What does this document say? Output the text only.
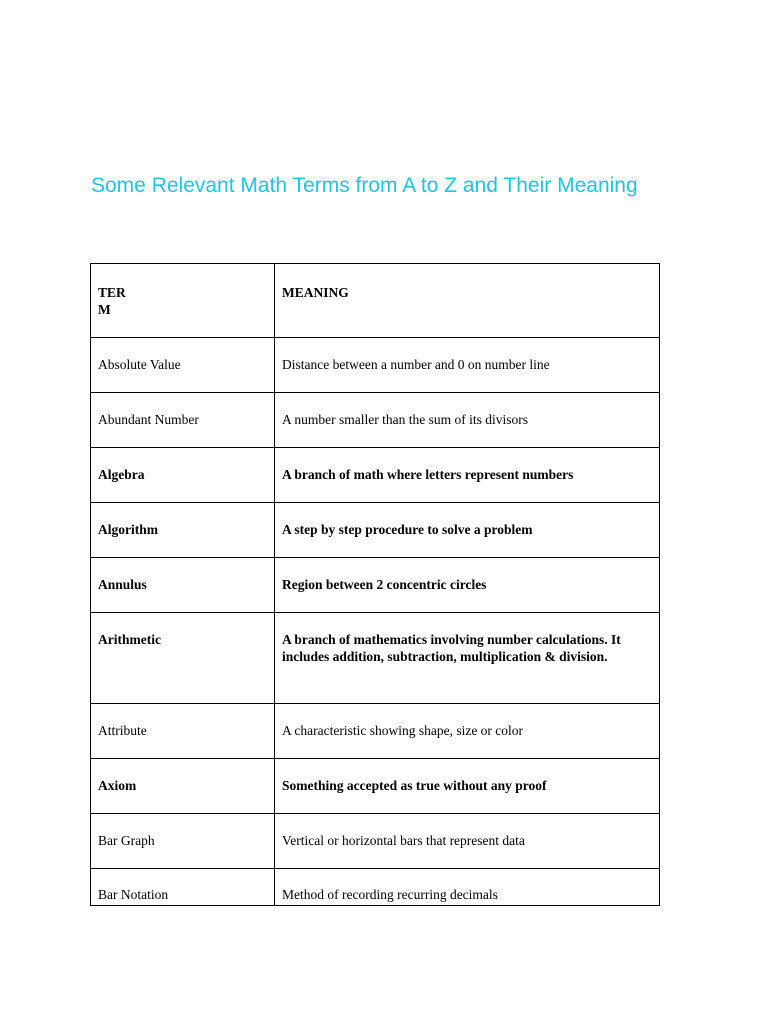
Some Relevant Math Terms from A to Z and Their Meaning
TER
M	MEANING
Absolute Value	Distance between a number and 0 on number line
Abundant Number	A number smaller than the sum of its divisors
Algebra	A branch of math where letters represent numbers
Algorithm	A step by step procedure to solve a problem
Annulus	Region between 2 concentric circles
Arithmetic	A branch of mathematics involving number calculations. It includes addition, subtraction, multiplication & division.
Attribute	A characteristic showing shape, size or color
Axiom	Something accepted as true without any proof
Bar Graph	Vertical or horizontal bars that represent data
Bar Notation	Method of recording recurring decimals
